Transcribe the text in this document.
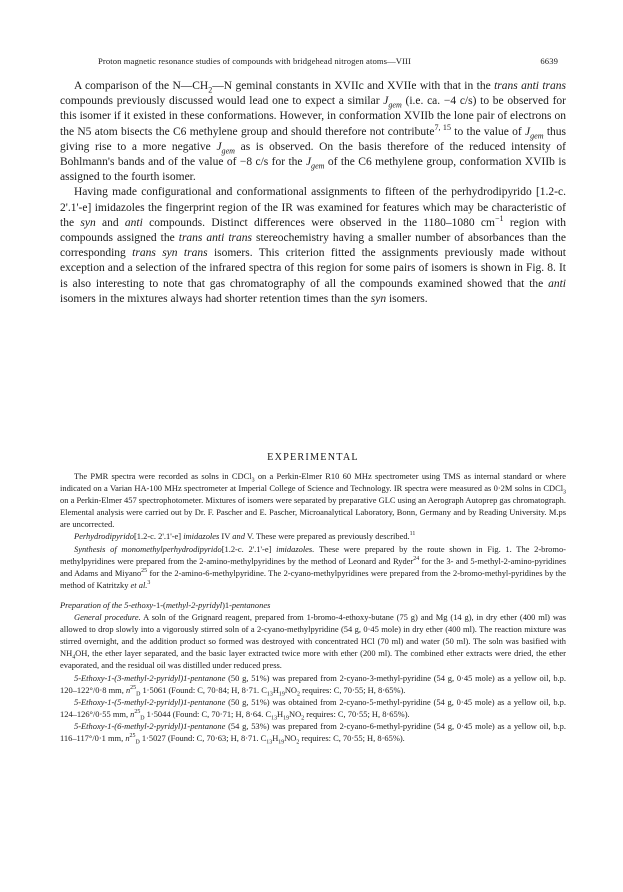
Proton magnetic resonance studies of compounds with bridgehead nitrogen atoms—VIII	6639

A comparison of the $N—CH_2—N$ geminal constants in XVIIc and XVIIe with that in the trans anti trans compounds previously discussed would lead one to expect a similar $J_{gem}$ (i.e. ca. −4 c/s) to be observed for this isomer if it existed in these conformations. However, in conformation XVIIb the lone pair of electrons on the N5 atom bisects the C6 methylene group and should therefore not contribute$^{7, 15}$ to the value of $J_{gem}$ thus giving rise to a more negative $J_{gem}$ as is observed. On the basis therefore of the reduced intensity of Bohlmann's bands and of the value of −8 c/s for the $J_{gem}$ of the C6 methylene group, conformation XVIIb is assigned to the fourth isomer.

Having made configurational and conformational assignments to fifteen of the perhydrodipyrido [1.2-c. 2'.1'-e] imidazoles the fingerprint region of the IR was examined for features which may be characteristic of the syn and anti compounds. Distinct differences were observed in the 1180–1080 $cm^{-1}$ region with compounds assigned the trans anti trans stereochemistry having a smaller number of absorbances than the corresponding trans syn trans isomers. This criterion fitted the assignments previously made without exception and a selection of the infrared spectra of this region for some pairs of isomers is shown in Fig. 8. It is also interesting to note that gas chromatography of all the compounds examined showed that the anti isomers in the mixtures always had shorter retention times than the syn isomers.

EXPERIMENTAL

The PMR spectra were recorded as solns in CDCl$_3$ on a Perkin-Elmer R10 60 MHz spectrometer using TMS as internal standard or where indicated on a Varian HA-100 MHz spectrometer at Imperial College of Science and Technology. IR spectra were measured as 0·2M solns in CDCl$_3$ on a Perkin-Elmer 457 spectrophotometer. Mixtures of isomers were separated by preparative GLC using an Aerograph Autoprep gas chromatograph. Elemental analysis were carried out by Dr. F. Pascher and E. Pascher, Microanalytical Laboratory, Bonn, Germany and by Reading University. M.ps are uncorrected.

Perhydrodipyrido[1.2-c. 2'.1'-e] imidazoles IV and V. These were prepared as previously described.$^{11}$

Synthesis of monomethylperhydrodipyrido[1.2-c. 2'.1'-e] imidazoles. These were prepared by the route shown in Fig. 1. The 2-bromo-methylpyridines were prepared from the 2-amino-methylpyridines by the method of Leonard and Ryder$^{24}$ for the 3- and 5-methyl-2-amino-pyridines and Adams and Miyano$^{25}$ for the 2-amino-6-methylpyridine. The 2-cyano-methylpyridines were prepared from the 2-bromo-methyl-pyridines by the method of Katritzky et al.$^3$

Preparation of the 5-ethoxy-1-(methyl-2-pyridyl)1-pentanones

General procedure. A soln of the Grignard reagent, prepared from 1-bromo-4-ethoxy-butane (75 g) and Mg (14 g), in dry ether (400 ml) was allowed to drop slowly into a vigorously stirred soln of a 2-cyano-methylpyridine (54 g, 0·45 mole) in dry ether (400 ml). The reaction mixture was stirred overnight, and the addition product so formed was destroyed with concentrated HCl (70 ml) and water (50 ml). The soln was basified with $NH_4OH$, the ether layer separated, and the basic layer extracted twice more with ether (200 ml). The combined ether extracts were dried, the ether evaporated, and the residual oil was distilled under reduced press.

5-Ethoxy-1-(3-methyl-2-pyridyl)1-pentanone (50 g, 51%) was prepared from 2-cyano-3-methyl-pyridine (54 g, 0·45 mole) as a yellow oil, b.p. 120–122°/0·8 mm, $n^{25}_D$ 1·5061 (Found: C, 70·84; H, 8·71. $C_{13}H_{19}NO_2$ requires: C, 70·55; H, 8·65%).

5-Ethoxy-1-(5-methyl-2-pyridyl)1-pentanone (50 g, 51%) was obtained from 2-cyano-5-methyl-pyridine (54 g, 0·45 mole) as a yellow oil, b.p. 124–126°/0·55 mm, $n^{25}_D$ 1·5044 (Found: C, 70·71; H, 8·64. $C_{13}H_{19}NO_2$ requires: C, 70·55; H, 8·65%).

5-Ethoxy-1-(6-methyl-2-pyridyl)1-pentanone (54 g, 53%) was prepared from 2-cyano-6-methyl-pyridine (54 g, 0·45 mole) as a yellow oil, b.p. 116–117°/0·1 mm, $n^{25}_D$ 1·5027 (Found: C, 70·63; H, 8·71. $C_{13}H_{19}NO_2$ requires: C, 70·55; H, 8·65%).
